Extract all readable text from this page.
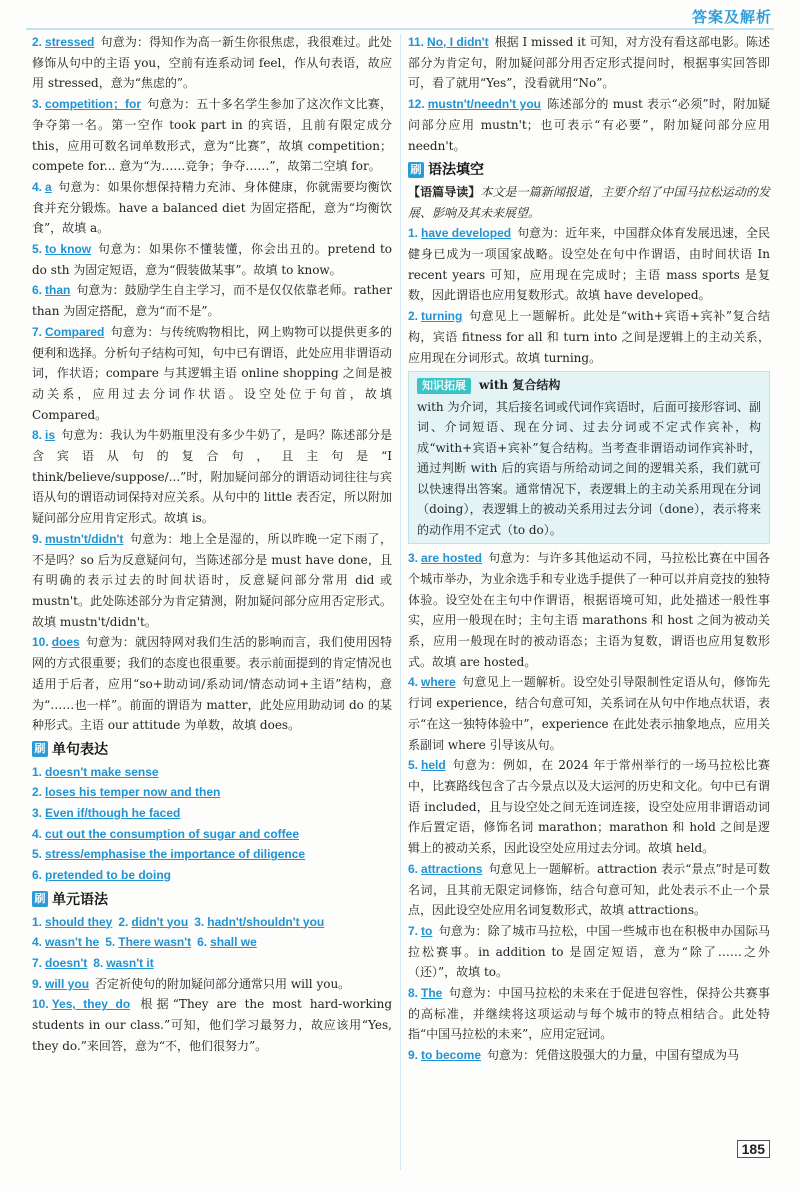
答案及解析

2. stressed 句意为：得知作为高一新生你很焦虑，我很难过。此处修饰从句中的主语 you，空前有连系动词 feel，作从句表语，故应用 stressed，意为“焦虑的”。

3. competition；for 句意为：五十多名学生参加了这次作文比赛，争夺第一名。第一空作 took part in 的宾语，且前有限定成分 this，应用可数名词单数形式，意为“比赛”，故填 competition；compete for... 意为“为……竞争；争夺……”，故第二空填 for。

4. a 句意为：如果你想保持精力充沛、身体健康，你就需要均衡饮食并充分锻炼。have a balanced diet 为固定搭配，意为“均衡饮食”，故填 a。

5. to know 句意为：如果你不懂装懂，你会出丑的。pretend to do sth 为固定短语，意为“假装做某事”。故填 to know。

6. than 句意为：鼓励学生自主学习，而不是仅仅依靠老师。rather than 为固定搭配，意为“而不是”。

7. Compared 句意为：与传统购物相比，网上购物可以提供更多的便利和选择。分析句子结构可知，句中已有谓语，此处应用非谓语动词，作状语；compare 与其逻辑主语 online shopping 之间是被动关系，应用过去分词作状语。设空处位于句首，故填 Compared。

8. is 句意为：我认为牛奶瓶里没有多少牛奶了，是吗？陈述部分是含宾语从句的复合句，且主句是“I think/believe/suppose/...”时，附加疑问部分的谓语动词往往与宾语从句的谓语动词保持对应关系。从句中的 little 表否定，所以附加疑问部分应用肯定形式。故填 is。

9. mustn't/didn't 句意为：地上全是湿的，所以昨晚一定下雨了，不是吗？so 后为反意疑问句，当陈述部分是 must have done，且有明确的表示过去的时间状语时，反意疑问部分常用 did 或 mustn't。此处陈述部分为肯定猜测，附加疑问部分应用否定形式。故填 mustn't/didn't。

10. does 句意为：就因特网对我们生活的影响而言，我们使用因特网的方式很重要；我们的态度也很重要。表示前面提到的肯定情况也适用于后者，应用“so+助动词/系动词/情态动词+主语”结构，意为“……也一样”。前面的谓语为 matter，此处应用助动词 do 的某种形式。主语 our attitude 为单数，故填 does。

刷 单句表达

1. doesn't make sense

2. loses his temper now and then

3. Even if/though he faced

4. cut out the consumption of sugar and coffee

5. stress/emphasise the importance of diligence

6. pretended to be doing

刷 单元语法

1. should they 2. didn't you 3. hadn't/shouldn't you

4. wasn't he 5. There wasn't 6. shall we

7. doesn't 8. wasn't it

9. will you 否定祈使句的附加疑问部分通常只用 will you。

10. Yes, they do 根据“They are the most hard-working students in our class.”可知，他们学习最努力，故应该用“Yes, they do.”来回答，意为“不，他们很努力”。

11. No, I didn't 根据 I missed it 可知，对方没有看这部电影。陈述部分为肯定句，附加疑问部分用否定形式提问时，根据事实回答即可，看了就用“Yes”，没看就用“No”。

12. mustn't/needn't you 陈述部分的 must 表示“必须”时，附加疑问部分应用 mustn't；也可表示“有必要”，附加疑问部分应用 needn't。

刷 语法填空

【语篇导读】本文是一篇新闻报道，主要介绍了中国马拉松运动的发展、影响及其未来展望。

1. have developed 句意为：近年来，中国群众体育发展迅速，全民健身已成为一项国家战略。设空处在句中作谓语，由时间状语 In recent years 可知，应用现在完成时；主语 mass sports 是复数，因此谓语也应用复数形式。故填 have developed。

2. turning 句意见上一题解析。此处是“with+宾语+宾补”复合结构，宾语 fitness for all 和 turn into 之间是逻辑上的主动关系，应用现在分词形式。故填 turning。

知识拓展	with 复合结构
with 为介词，其后接名词或代词作宾语时，后面可接形容词、副词、介词短语、现在分词、过去分词或不定式作宾补，构成“with+宾语+宾补”复合结构。当考查非谓语动词作宾补时，通过判断 with 后的宾语与所给动词之间的逻辑关系，我们就可以快速得出答案。通常情况下，表逻辑上的主动关系用现在分词（doing），表逻辑上的被动关系用过去分词（done），表示将来的动作用不定式（to do）。

3. are hosted 句意为：与许多其他运动不同，马拉松比赛在中国各个城市举办，为业余选手和专业选手提供了一种可以并肩竞技的独特体验。设空处在主句中作谓语，根据语境可知，此处描述一般性事实，应用一般现在时；主句主语 marathons 和 host 之间为被动关系，应用一般现在时的被动语态；主语为复数，谓语也应用复数形式。故填 are hosted。

4. where 句意见上一题解析。设空处引导限制性定语从句，修饰先行词 experience，结合句意可知，关系词在从句中作地点状语，表示“在这一独特体验中”，experience 在此处表示抽象地点，应用关系副词 where 引导该从句。

5. held 句意为：例如，在 2024 年于常州举行的一场马拉松比赛中，比赛路线包含了古今景点以及大运河的历史和文化。句中已有谓语 included，且与设空处之间无连词连接，设空处应用非谓语动词作后置定语，修饰名词 marathon；marathon 和 hold 之间是逻辑上的被动关系，因此设空处应用过去分词。故填 held。

6. attractions 句意见上一题解析。attraction 表示“景点”时是可数名词，且其前无限定词修饰，结合句意可知，此处表示不止一个景点，因此设空处应用名词复数形式，故填 attractions。

7. to 句意为：除了城市马拉松，中国一些城市也在积极申办国际马拉松赛事。in addition to 是固定短语，意为“除了……之外（还）”，故填 to。

8. The 句意为：中国马拉松的未来在于促进包容性，保持公共赛事的高标准，并继续将这项运动与每个城市的特点相结合。此处特指“中国马拉松的未来”，应用定冠词。

9. to become 句意为：凭借这股强大的力量，中国有望成为马

185
